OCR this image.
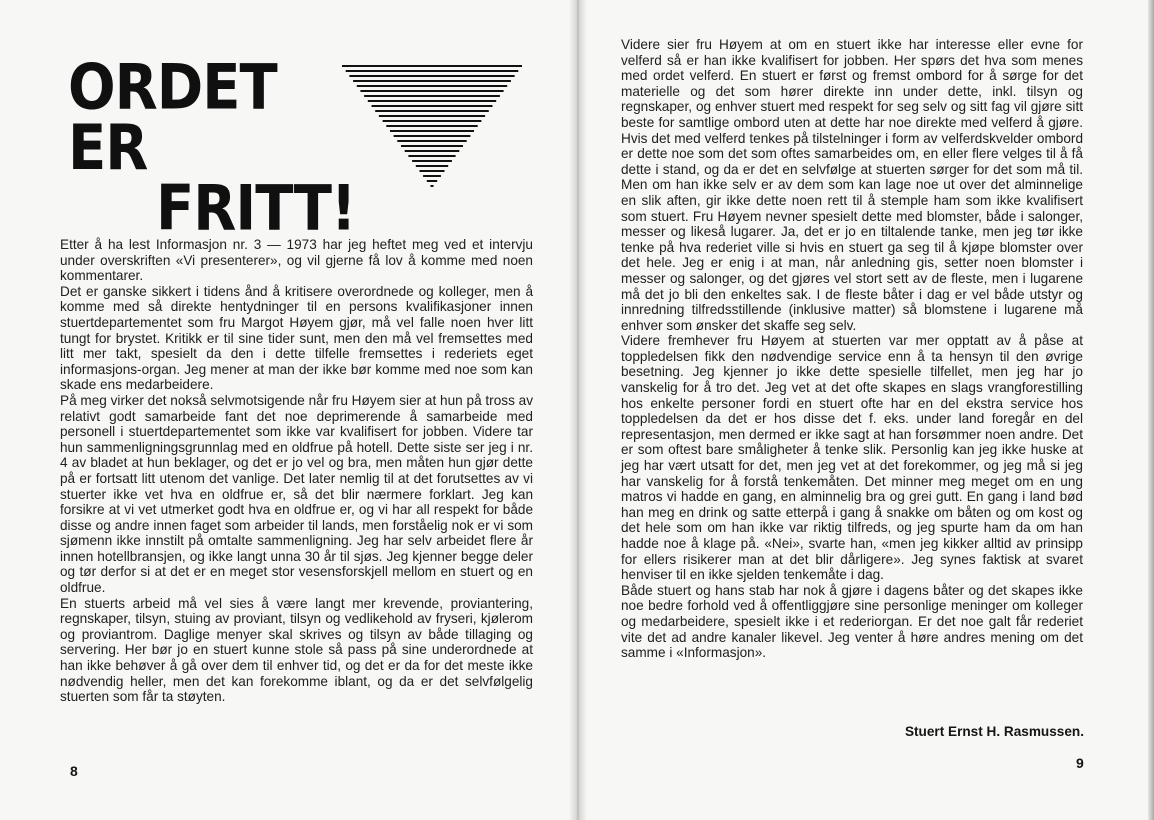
ORDET ER
FRITT!

Etter å ha lest Informasjon nr. 3 — 1973 har jeg heftet meg ved et intervju under overskriften «Vi presenterer», og vil gjerne få lov å komme med noen kommentarer.

Det er ganske sikkert i tidens ånd å kritisere overordnede og kolleger, men å komme med så direkte hentydninger til en persons kvalifikasjoner innen stuertdepartementet som fru Margot Høyem gjør, må vel falle noen hver litt tungt for brystet. Kritikk er til sine tider sunt, men den må vel fremsettes med litt mer takt, spesielt da den i dette tilfelle fremsettes i rederiets eget informasjons-organ. Jeg mener at man der ikke bør komme med noe som kan skade ens medarbeidere.

På meg virker det nokså selvmotsigende når fru Høyem sier at hun på tross av relativt godt samarbeide fant det noe deprimerende å samarbeide med personell i stuertdepartementet som ikke var kvalifisert for jobben. Videre tar hun sammenligningsgrunnlag med en oldfrue på hotell. Dette siste ser jeg i nr. 4 av bladet at hun beklager, og det er jo vel og bra, men måten hun gjør dette på er fortsatt litt utenom det vanlige. Det later nemlig til at det forutsettes av vi stuerter ikke vet hva en oldfrue er, så det blir nærmere forklart. Jeg kan forsikre at vi vet utmerket godt hva en oldfrue er, og vi har all respekt for både disse og andre innen faget som arbeider til lands, men forståelig nok er vi som sjømenn ikke innstilt på omtalte sammenligning. Jeg har selv arbeidet flere år innen hotellbransjen, og ikke langt unna 30 år til sjøs. Jeg kjenner begge deler og tør derfor si at det er en meget stor vesensforskjell mellom en stuert og en oldfrue.

En stuerts arbeid må vel sies å være langt mer krevende, proviantering, regnskaper, tilsyn, stuing av proviant, tilsyn og vedlikehold av fryseri, kjølerom og proviantrom. Daglige menyer skal skrives og tilsyn av både tillaging og servering. Her bør jo en stuert kunne stole så pass på sine underordnede at han ikke behøver å gå over dem til enhver tid, og det er da for det meste ikke nødvendig heller, men det kan forekomme iblant, og da er det selvfølgelig stuerten som får ta støyten.

8

Videre sier fru Høyem at om en stuert ikke har interesse eller evne for velferd så er han ikke kvalifisert for jobben. Her spørs det hva som menes med ordet velferd. En stuert er først og fremst ombord for å sørge for det materielle og det som hører direkte inn under dette, inkl. tilsyn og regnskaper, og enhver stuert med respekt for seg selv og sitt fag vil gjøre sitt beste for samtlige ombord uten at dette har noe direkte med velferd å gjøre. Hvis det med velferd tenkes på tilstelninger i form av velferdskvelder ombord er dette noe som det som oftes samarbeides om, en eller flere velges til å få dette i stand, og da er det en selvfølge at stuerten sørger for det som må til. Men om han ikke selv er av dem som kan lage noe ut over det alminnelige en slik aften, gir ikke dette noen rett til å stemple ham som ikke kvalifisert som stuert. Fru Høyem nevner spesielt dette med blomster, både i salonger, messer og likeså lugarer. Ja, det er jo en tiltalende tanke, men jeg tør ikke tenke på hva rederiet ville si hvis en stuert ga seg til å kjøpe blomster over det hele. Jeg er enig i at man, når anledning gis, setter noen blomster i messer og salonger, og det gjøres vel stort sett av de fleste, men i lugarene må det jo bli den enkeltes sak. I de fleste båter i dag er vel både utstyr og innredning tilfredsstillende (inklusive matter) så blomstene i lugarene må enhver som ønsker det skaffe seg selv.

Videre fremhever fru Høyem at stuerten var mer opptatt av å påse at toppledelsen fikk den nødvendige service enn å ta hensyn til den øvrige besetning. Jeg kjenner jo ikke dette spesielle tilfellet, men jeg har jo vanskelig for å tro det. Jeg vet at det ofte skapes en slags vrangforestilling hos enkelte personer fordi en stuert ofte har en del ekstra service hos toppledelsen da det er hos disse det f. eks. under land foregår en del representasjon, men dermed er ikke sagt at han forsømmer noen andre. Det er som oftest bare småligheter å tenke slik. Personlig kan jeg ikke huske at jeg har vært utsatt for det, men jeg vet at det forekommer, og jeg må si jeg har vanskelig for å forstå tenkemåten. Det minner meg meget om en ung matros vi hadde en gang, en alminnelig bra og grei gutt. En gang i land bød han meg en drink og satte etterpå i gang å snakke om båten og om kost og det hele som om han ikke var riktig tilfreds, og jeg spurte ham da om han hadde noe å klage på. «Nei», svarte han, «men jeg kikker alltid av prinsipp for ellers risikerer man at det blir dårligere». Jeg synes faktisk at svaret henviser til en ikke sjelden tenkemåte i dag.

Både stuert og hans stab har nok å gjøre i dagens båter og det skapes ikke noe bedre forhold ved å offentliggjøre sine personlige meninger om kolleger og medarbeidere, spesielt ikke i et rederiorgan. Er det noe galt får rederiet vite det ad andre kanaler likevel. Jeg venter å høre andres mening om det samme i «Informasjon».

Stuert Ernst H. Rasmussen.
9
